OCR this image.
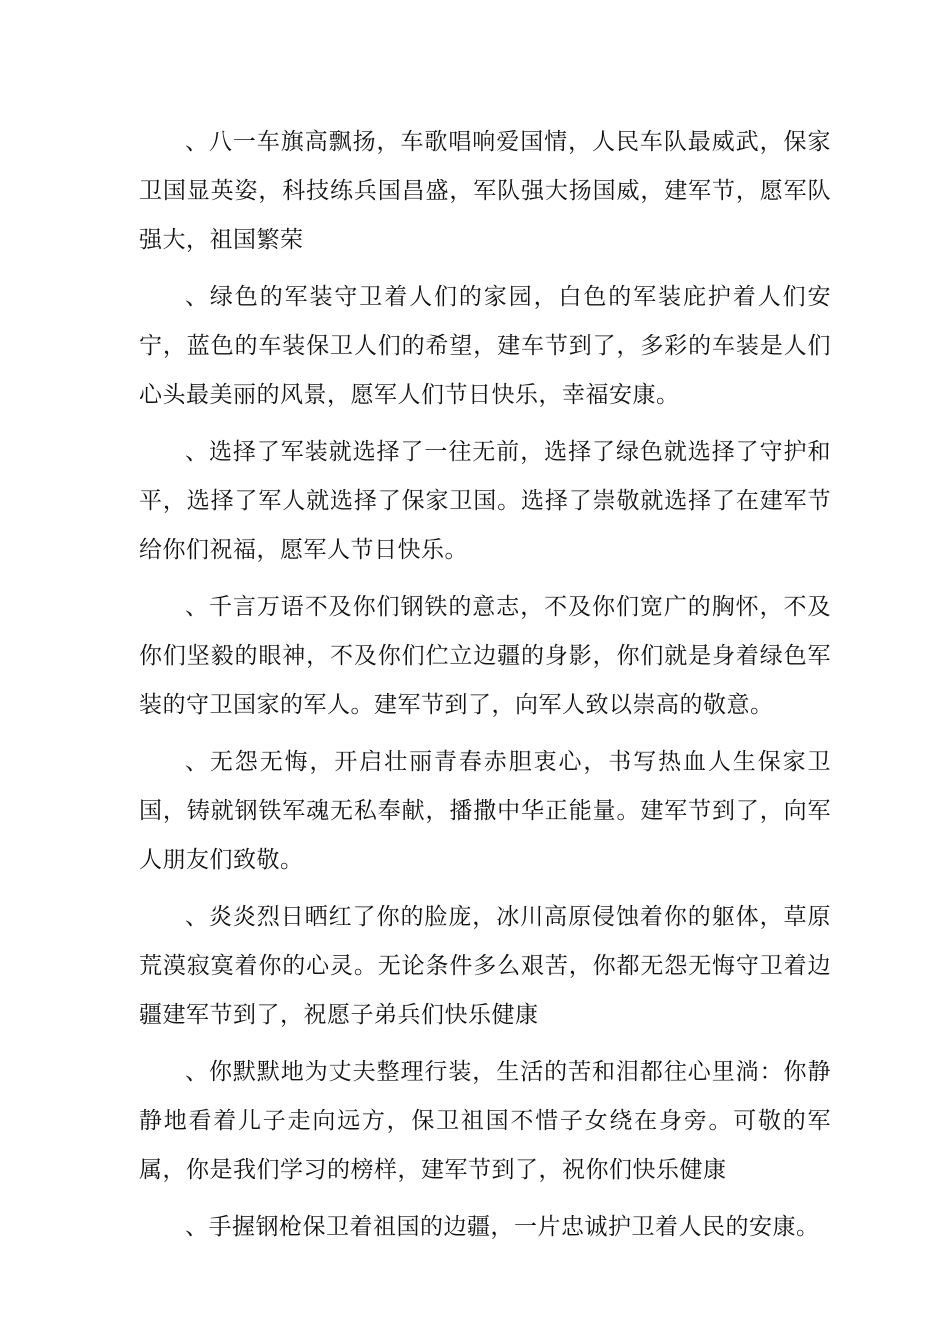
、八一车旗高飘扬，车歌唱响爱国情，人民车队最威武，保家卫国显英姿，科技练兵国昌盛，军队强大扬国威，建军节，愿军队强大，祖国繁荣

、绿色的军装守卫着人们的家园，白色的军装庇护着人们安宁，蓝色的车装保卫人们的希望，建车节到了，多彩的车装是人们心头最美丽的风景，愿军人们节日快乐，幸福安康。

、选择了军装就选择了一往无前，选择了绿色就选择了守护和平，选择了军人就选择了保家卫国。选择了崇敬就选择了在建军节给你们祝福，愿军人节日快乐。

、千言万语不及你们钢铁的意志，不及你们宽广的胸怀，不及你们坚毅的眼神，不及你们伫立边疆的身影，你们就是身着绿色军装的守卫国家的军人。建军节到了，向军人致以崇高的敬意。

、无怨无悔，开启壮丽青春赤胆衷心，书写热血人生保家卫国，铸就钢铁军魂无私奉献，播撒中华正能量。建军节到了，向军人朋友们致敬。

、炎炎烈日晒红了你的脸庞，冰川高原侵蚀着你的躯体，草原荒漠寂寞着你的心灵。无论条件多么艰苦，你都无怨无悔守卫着边疆建军节到了，祝愿子弟兵们快乐健康

、你默默地为丈夫整理行装，生活的苦和泪都往心里淌：你静静地看着儿子走向远方，保卫祖国不惜子女绕在身旁。可敬的军属，你是我们学习的榜样，建军节到了，祝你们快乐健康

、手握钢枪保卫着祖国的边疆，一片忠诚护卫着人民的安康。
